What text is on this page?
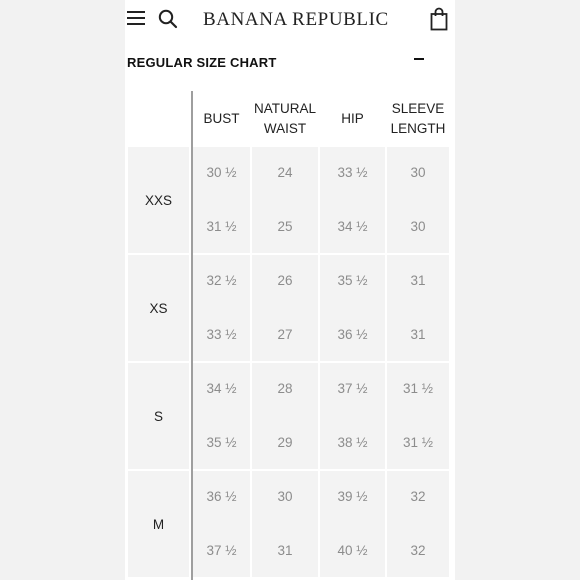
BANANA REPUBLIC
REGULAR SIZE CHART
BUST
NATURAL
WAIST
HIP
SLEEVE
LENGTH
XXS
30 ½
31 ½
24
25
33 ½
34 ½
30
30
XS
32 ½
33 ½
26
27
35 ½
36 ½
31
31
S
34 ½
35 ½
28
29
37 ½
38 ½
31 ½
31 ½
M
36 ½
37 ½
30
31
39 ½
40 ½
32
32
